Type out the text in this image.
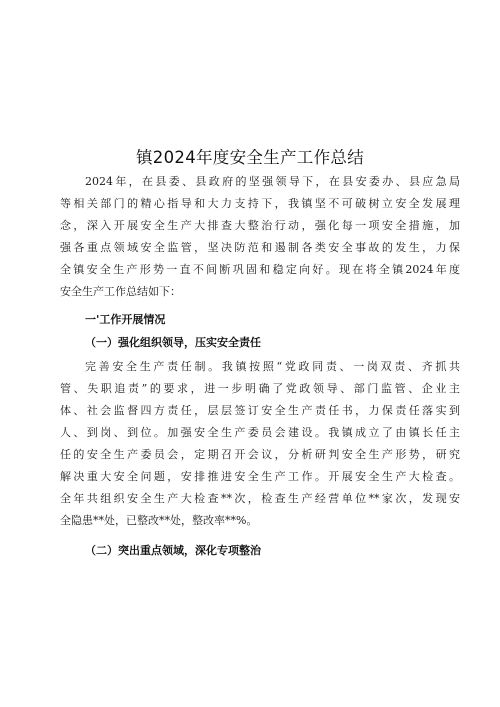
镇2024年度安全生产工作总结
2024年，在县委、县政府的坚强领导下，在县安委办、县应急局
等相关部门的精心指导和大力支持下，我镇坚不可破树立安全发展理
念，深入开展安全生产大排查大整治行动，强化每一项安全措施，加
强各重点领域安全监管，坚决防范和遏制各类安全事故的发生，力保
全镇安全生产形势一直不间断巩固和稳定向好。现在将全镇2024年度
安全生产工作总结如下：
一'工作开展情况
（一）强化组织领导，压实安全责任
完善安全生产责任制。我镇按照“党政同责、一岗双责、齐抓共
管、失职追责”的要求，进一步明确了党政领导、部门监管、企业主
体、社会监督四方责任，层层签订安全生产责任书，力保责任落实到
人、到岗、到位。加强安全生产委员会建设。我镇成立了由镇长任主
任的安全生产委员会，定期召开会议，分析研判安全生产形势，研究
解决重大安全问题，安排推进安全生产工作。开展安全生产大检查。
全年共组织安全生产大检查**次，检查生产经营单位**家次，发现安
全隐患**处，已整改**处，整改率**%。
（二）突出重点领域，深化专项整治
